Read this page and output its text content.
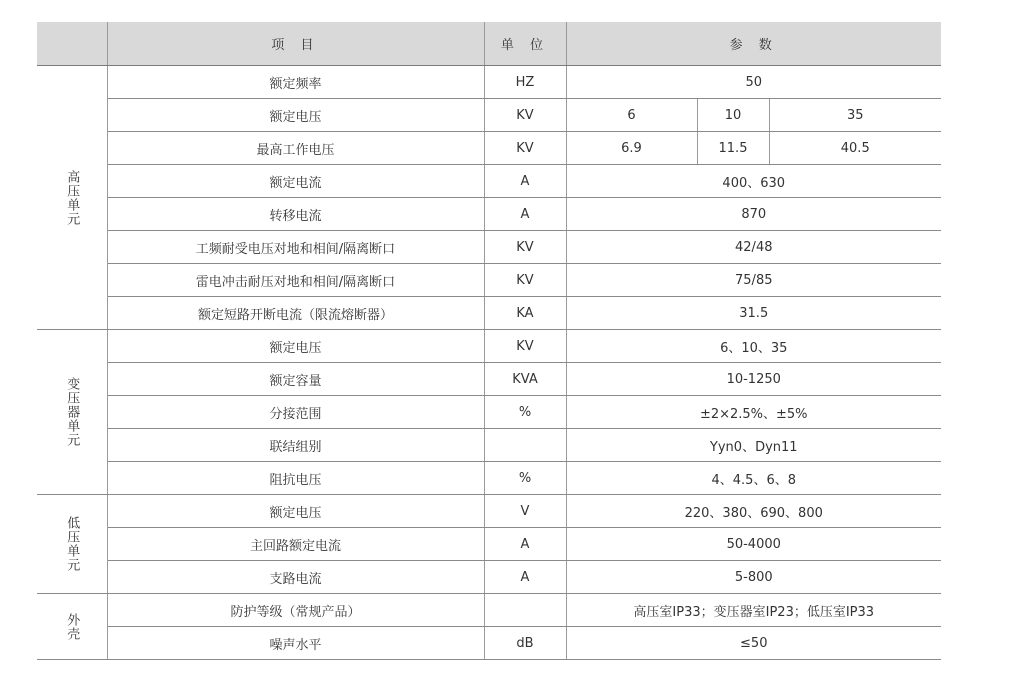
	项 目	单 位	参 数
高压单元	额定频率	HZ	50
	额定电压	KV	6 10 35

	最高工作电压	KV	6.9 11.5 40.5

	额定电流	A	400、630
	转移电流	A	870
	工频耐受电压对地和相间/隔离断口	KV	42/48
	雷电冲击耐压对地和相间/隔离断口	KV	75/85
	额定短路开断电流（限流熔断器）	KA	31.5
变压器单元	额定电压	KV	6、10、35
	额定容量	KVA	10-1250
	分接范围	%	±2×2.5%、±5%
	联结组别		Yyn0、Dyn11
	阻抗电压	%	4、4.5、6、8
低压单元	额定电压	V	220、380、690、800
	主回路额定电流	A	50-4000
	支路电流	A	5-800
外壳	防护等级（常规产品）		高压室IP33；变压器室IP23；低压室IP33
	噪声水平	dB	≤50
